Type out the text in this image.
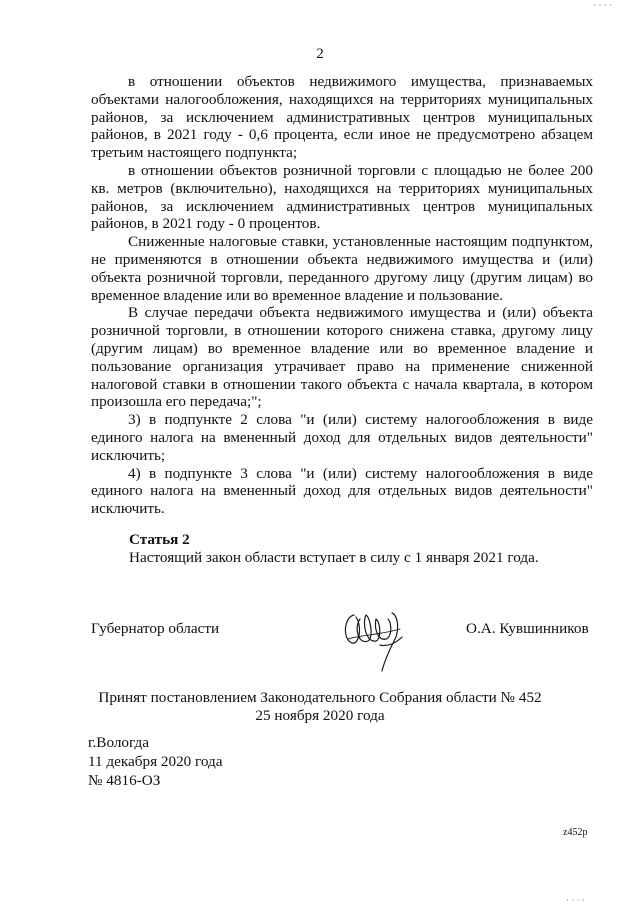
· · · ·
2

в отношении объектов недвижимого имущества, признаваемых объектами налогообложения, находящихся на территориях муниципальных районов, за исключением административных центров муниципальных районов, в 2021 году - 0,6 процента, если иное не предусмотрено абзацем третьим настоящего подпункта;

в отношении объектов розничной торговли с площадью не более 200 кв. метров (включительно), находящихся на территориях муниципальных районов, за исключением административных центров муниципальных районов, в 2021 году - 0 процентов.

Сниженные налоговые ставки, установленные настоящим подпунктом, не применяются в отношении объекта недвижимого имущества и (или) объекта розничной торговли, переданного другому лицу (другим лицам) во временное владение или во временное владение и пользование.

В случае передачи объекта недвижимого имущества и (или) объекта розничной торговли, в отношении которого снижена ставка, другому лицу (другим лицам) во временное владение или во временное владение и пользование организация утрачивает право на применение сниженной налоговой ставки в отношении такого объекта с начала квартала, в котором произошла его передача;";

3) в подпункте 2 слова "и (или) систему налогообложения в виде единого налога на вмененный доход для отдельных видов деятельности" исключить;

4) в подпункте 3 слова "и (или) систему налогообложения в виде единого налога на вмененный доход для отдельных видов деятельности" исключить.

Статья 2
Настоящий закон области вступает в силу с 1 января 2021 года.
Губернатор области	О.А. Кувшинников
Принят постановлением Законодательного Собрания области № 452
25 ноября 2020 года
г.Вологда
11 декабря 2020 года
№ 4816-ОЗ
z452р
· · · ·
